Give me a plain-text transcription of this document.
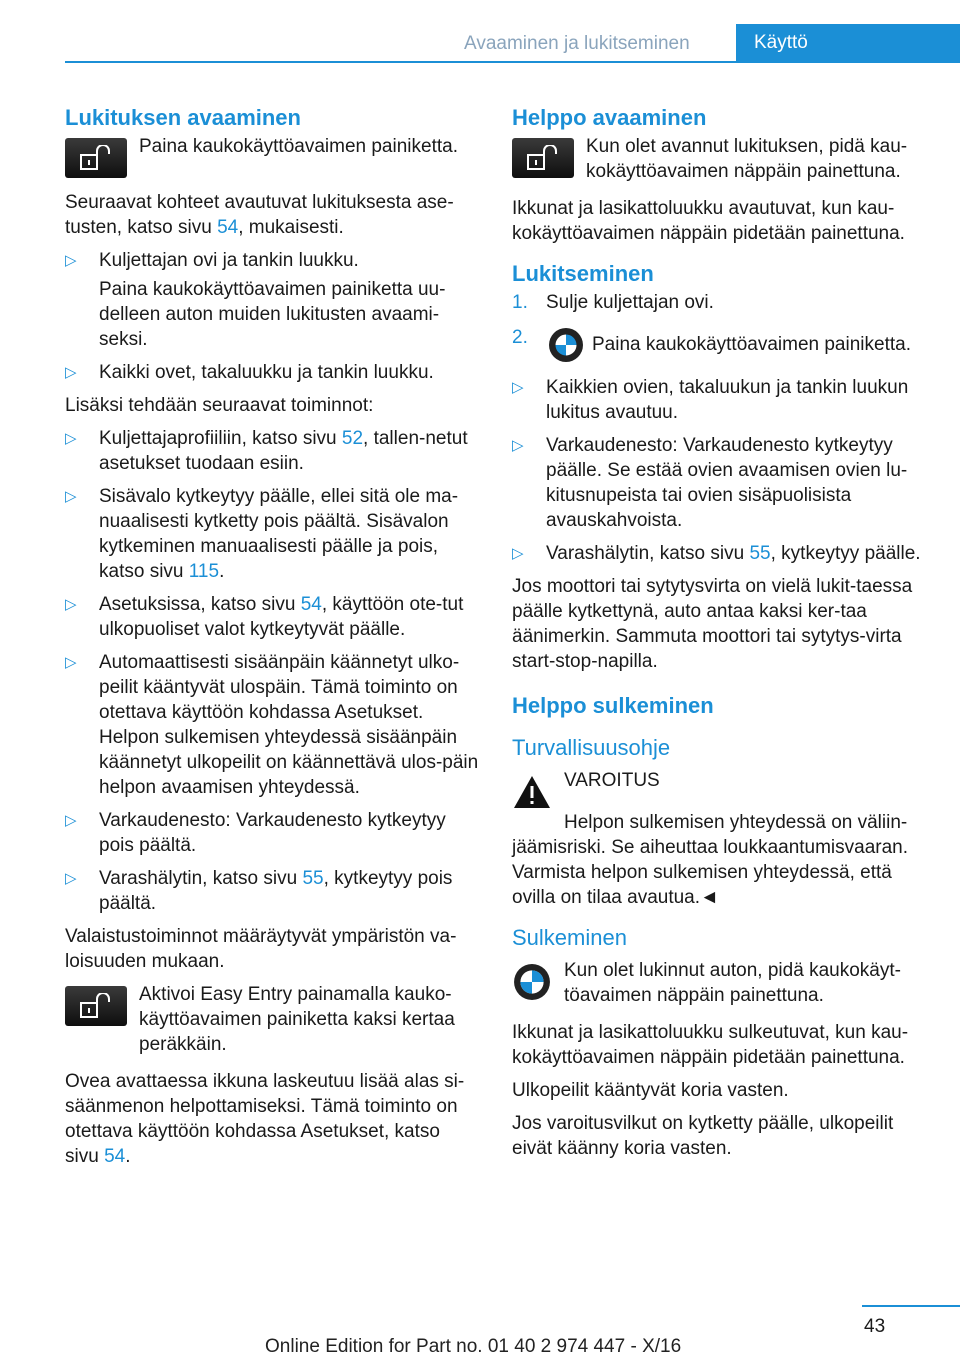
Avaaminen ja lukitseminen	Käyttö
Lukituksen avaaminen
Paina kaukokäyttöavaimen painiketta.

Seuraavat kohteet avautuvat lukituksesta ase-tusten, katso sivu 54, mukaisesti.

▷ Kuljettajan ovi ja tankin luukku.
Paina kaukokäyttöavaimen painiketta uu-delleen auton muiden lukitusten avaami-seksi.
▷ Kaikki ovet, takaluukku ja tankin luukku.

Lisäksi tehdään seuraavat toiminnot:

▷ Kuljettajaprofiiliin, katso sivu 52, tallen-netut asetukset tuodaan esiin.
▷ Sisävalo kytkeytyy päälle, ellei sitä ole ma-nuaalisesti kytketty pois päältä. Sisävalon kytkeminen manuaalisesti päälle ja pois, katso sivu 115.
▷ Asetuksissa, katso sivu 54, käyttöön ote-tut ulkopuoliset valot kytkeytyvät päälle.
▷ Automaattisesti sisäänpäin käännetyt ulko-peilit kääntyvät ulospäin. Tämä toiminto on otettava käyttöön kohdassa Asetukset. Helpon sulkemisen yhteydessä sisäänpäin käännetyt ulkopeilit on käännettävä ulos-päin helpon avaamisen yhteydessä.
▷ Varkaudenesto: Varkaudenesto kytkeytyy pois päältä.
▷ Varashälytin, katso sivu 55, kytkeytyy pois päältä.

Valaistustoiminnot määräytyvät ympäristön va-loisuuden mukaan.

Aktivoi Easy Entry painamalla kauko-käyttöavaimen painiketta kaksi kertaa peräkkäin.

Ovea avattaessa ikkuna laskeutuu lisää alas si-säänmenon helpottamiseksi. Tämä toiminto on otettava käyttöön kohdassa Asetukset, katso sivu 54.

Helppo avaaminen
Kun olet avannut lukituksen, pidä kau-kokäyttöavaimen näppäin painettuna.

Ikkunat ja lasikattoluukku avautuvat, kun kau-kokäyttöavaimen näppäin pidetään painettuna.

Lukitseminen
1. Sulje kuljettajan ovi.
2.	Paina kaukokäyttöavaimen painiketta.
▷ Kaikkien ovien, takaluukun ja tankin luukun lukitus avautuu.
▷ Varkaudenesto: Varkaudenesto kytkeytyy päälle. Se estää ovien avaamisen ovien lu-kitusnupeista tai ovien sisäpuolisista avauskahvoista.
▷ Varashälytin, katso sivu 55, kytkeytyy päälle.

Jos moottori tai sytytysvirta on vielä lukit-taessa päälle kytkettynä, auto antaa kaksi ker-taa äänimerkin. Sammuta moottori tai sytytys-virta start-stop-napilla.

Helppo sulkeminen
Turvallisuusohje
VAROITUS

Helpon sulkemisen yhteydessä on väliin-jäämisriski. Se aiheuttaa loukkaantumisvaaran. Varmista helpon sulkemisen yhteydessä, että ovilla on tilaa avautua.◄

Sulkeminen
Kun olet lukinnut auton, pidä kaukokäyt-töavaimen näppäin painettuna.

Ikkunat ja lasikattoluukku sulkeutuvat, kun kau-kokäyttöavaimen näppäin pidetään painettuna.

Ulkopeilit kääntyvät koria vasten.

Jos varoitusvilkut on kytketty päälle, ulkopeilit eivät käänny koria vasten.

43
Online Edition for Part no. 01 40 2 974 447 - X/16
